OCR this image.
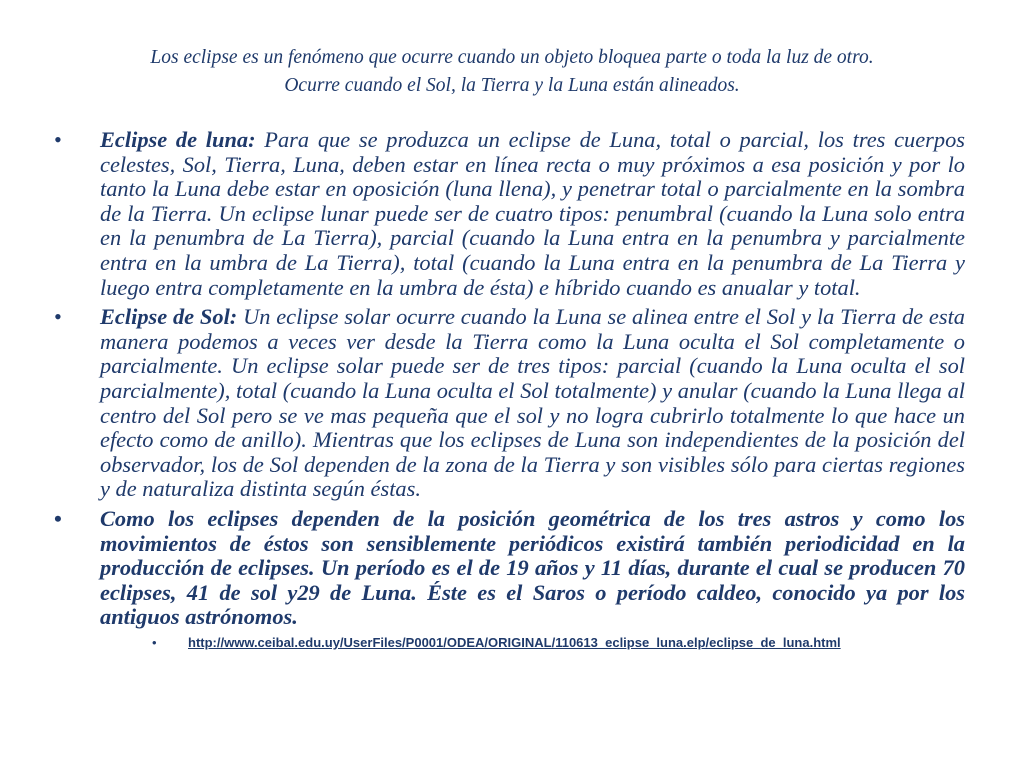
Los eclipse es un fenómeno que ocurre cuando un objeto bloquea parte o toda la luz de otro.

Ocurre cuando el Sol, la Tierra y la Luna están alineados.

• Eclipse de luna: Para que se produzca un eclipse de Luna, total o parcial, los tres cuerpos celestes, Sol, Tierra, Luna, deben estar en línea recta o muy próximos a esa posición y por lo tanto la Luna debe estar en oposición (luna llena), y penetrar total o parcialmente en la sombra de la Tierra. Un eclipse lunar puede ser de cuatro tipos: penumbral (cuando la Luna solo entra en la penumbra de La Tierra), parcial (cuando la Luna entra en la penumbra y parcialmente entra en la umbra de La Tierra), total (cuando la Luna entra en la penumbra de La Tierra y luego entra completamente en la umbra de ésta) e híbrido cuando es anualar y total.
• Eclipse de Sol: Un eclipse solar ocurre cuando la Luna se alinea entre el Sol y la Tierra de esta manera podemos a veces ver desde la Tierra como la Luna oculta el Sol completamente o parcialmente. Un eclipse solar puede ser de tres tipos: parcial (cuando la Luna oculta el sol parcialmente), total (cuando la Luna oculta el Sol totalmente) y anular (cuando la Luna llega al centro del Sol pero se ve mas pequeña que el sol y no logra cubrirlo totalmente lo que hace un efecto como de anillo). Mientras que los eclipses de Luna son independientes de la posición del observador, los de Sol dependen de la zona de la Tierra y son visibles sólo para ciertas regiones y de naturaliza distinta según éstas.
• Como los eclipses dependen de la posición geométrica de los tres astros y como los movimientos de éstos son sensiblemente periódicos existirá también periodicidad en la producción de eclipses. Un período es el de 19 años y 11 días, durante el cual se producen 70 eclipses, 41 de sol y29 de Luna. Éste es el Saros o período caldeo, conocido ya por los antiguos astrónomos.
• http://www.ceibal.edu.uy/UserFiles/P0001/ODEA/ORIGINAL/110613_eclipse_luna.elp/eclipse_de_luna.html
